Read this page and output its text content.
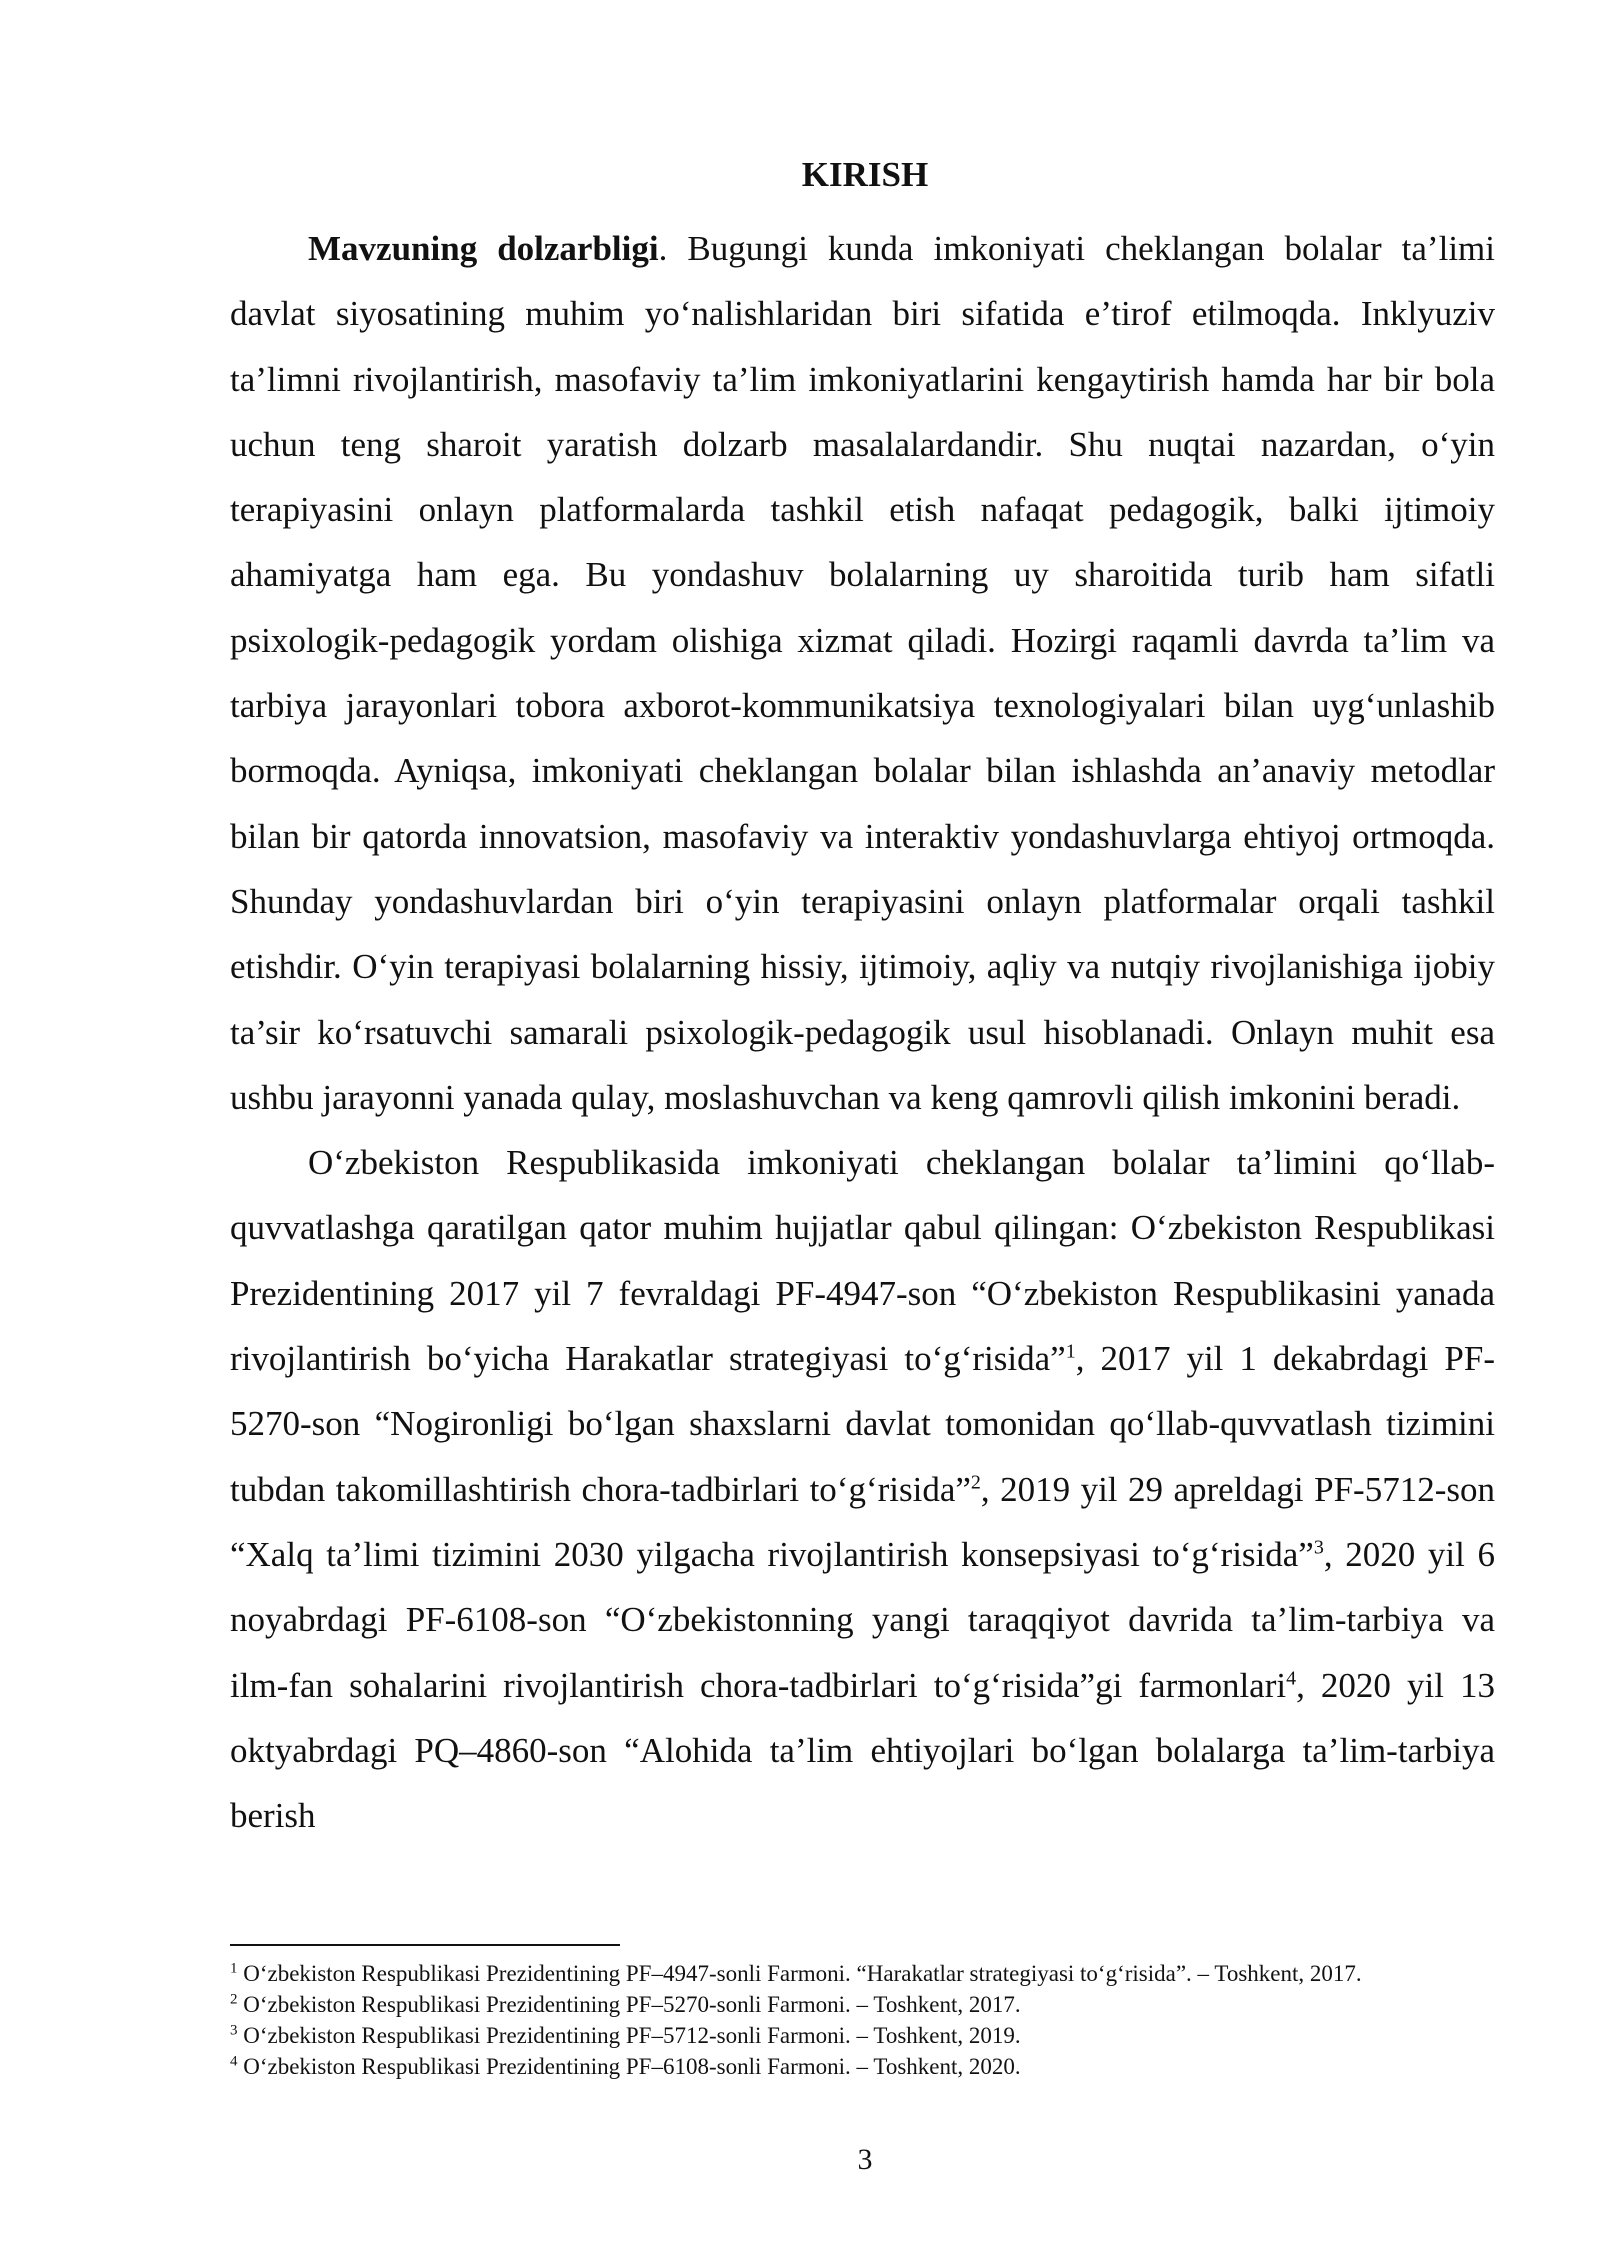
KIRISH

Mavzuning dolzarbligi. Bugungi kunda imkoniyati cheklangan bolalar ta’limi davlat siyosatining muhim yo‘nalishlaridan biri sifatida e’tirof etilmoqda. Inklyuziv ta’limni rivojlantirish, masofaviy ta’lim imkoniyatlarini kengaytirish hamda har bir bola uchun teng sharoit yaratish dolzarb masalalardandir. Shu nuqtai nazardan, o‘yin terapiyasini onlayn platformalarda tashkil etish nafaqat pedagogik, balki ijtimoiy ahamiyatga ham ega. Bu yondashuv bolalarning uy sharoitida turib ham sifatli psixologik-pedagogik yordam olishiga xizmat qiladi. Hozirgi raqamli davrda ta’lim va tarbiya jarayonlari tobora axborot-kommunikatsiya texnologiyalari bilan uyg‘unlashib bormoqda. Ayniqsa, imkoniyati cheklangan bolalar bilan ishlashda an’anaviy metodlar bilan bir qatorda innovatsion, masofaviy va interaktiv yondashuvlarga ehtiyoj ortmoqda. Shunday yondashuvlardan biri o‘yin terapiyasini onlayn platformalar orqali tashkil etishdir. O‘yin terapiyasi bolalarning hissiy, ijtimoiy, aqliy va nutqiy rivojlanishiga ijobiy ta’sir ko‘rsatuvchi samarali psixologik-pedagogik usul hisoblanadi. Onlayn muhit esa ushbu jarayonni yanada qulay, moslashuvchan va keng qamrovli qilish imkonini beradi.

O‘zbekiston Respublikasida imkoniyati cheklangan bolalar ta’limini qo‘llab-quvvatlashga qaratilgan qator muhim hujjatlar qabul qilingan: O‘zbekiston Respublikasi Prezidentining 2017 yil 7 fevraldagi PF-4947-son “O‘zbekiston Respublikasini yanada rivojlantirish bo‘yicha Harakatlar strategiyasi to‘g‘risida”$^1$, 2017 yil 1 dekabrdagi PF-5270-son “Nogironligi bo‘lgan shaxslarni davlat tomonidan qo‘llab-quvvatlash tizimini tubdan takomillashtirish chora-tadbirlari to‘g‘risida”$^2$, 2019 yil 29 apreldagi PF-5712-son “Xalq ta’limi tizimini 2030 yilgacha rivojlantirish konsepsiyasi to‘g‘risida”$^3$, 2020 yil 6 noyabrdagi PF-6108-son “O‘zbekistonning yangi taraqqiyot davrida ta’lim-tarbiya va ilm-fan sohalarini rivojlantirish chora-tadbirlari to‘g‘risida”gi farmonlari$^4$, 2020 yil 13 oktyabrdagi PQ–4860-son “Alohida ta’lim ehtiyojlari bo‘lgan bolalarga ta’lim-tarbiya berish

$^1$ O‘zbekiston Respublikasi Prezidentining PF–4947-sonli Farmoni. “Harakatlar strategiyasi to‘g‘risida”. – Toshkent, 2017.

$^2$ O‘zbekiston Respublikasi Prezidentining PF–5270-sonli Farmoni. – Toshkent, 2017.

$^3$ O‘zbekiston Respublikasi Prezidentining PF–5712-sonli Farmoni. – Toshkent, 2019.

$^4$ O‘zbekiston Respublikasi Prezidentining PF–6108-sonli Farmoni. – Toshkent, 2020.

3
